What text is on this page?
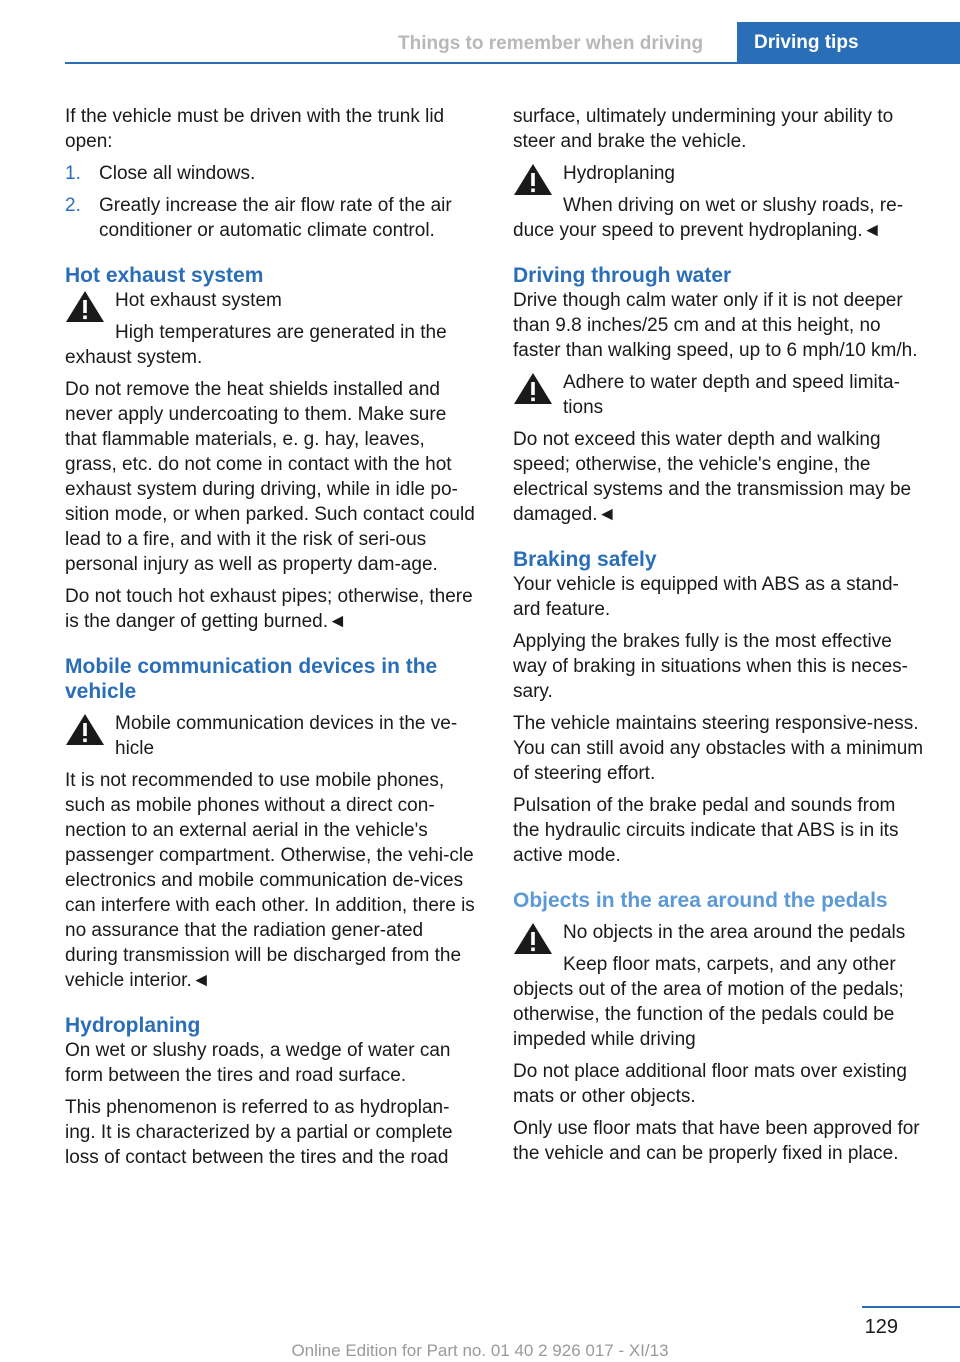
Things to remember when driving	Driving tips

If the vehicle must be driven with the trunk lid open:

1. Close all windows.
2. Greatly increase the air flow rate of the air conditioner or automatic climate control.
Hot exhaust system

Hot exhaust system

High temperatures are generated in the exhaust system.

Do not remove the heat shields installed and never apply undercoating to them. Make sure that flammable materials, e. g. hay, leaves, grass, etc. do not come in contact with the hot exhaust system during driving, while in idle po-sition mode, or when parked. Such contact could lead to a fire, and with it the risk of seri-ous personal injury as well as property dam-age.

Do not touch hot exhaust pipes; otherwise, there is the danger of getting burned.◄

Mobile communication devices in the vehicle

Mobile communication devices in the ve-hicle

It is not recommended to use mobile phones, such as mobile phones without a direct con-nection to an external aerial in the vehicle's passenger compartment. Otherwise, the vehi-cle electronics and mobile communication de-vices can interfere with each other. In addition, there is no assurance that the radiation gener-ated during transmission will be discharged from the vehicle interior.◄

Hydroplaning

On wet or slushy roads, a wedge of water can form between the tires and road surface.

This phenomenon is referred to as hydroplan-ing. It is characterized by a partial or complete loss of contact between the tires and the road

surface, ultimately undermining your ability to steer and brake the vehicle.

Hydroplaning

When driving on wet or slushy roads, re-duce your speed to prevent hydroplaning.◄

Driving through water

Drive though calm water only if it is not deeper than 9.8 inches/25 cm and at this height, no faster than walking speed, up to 6 mph/10 km/h.

Adhere to water depth and speed limita-tions

Do not exceed this water depth and walking speed; otherwise, the vehicle's engine, the electrical systems and the transmission may be damaged.◄

Braking safely

Your vehicle is equipped with ABS as a stand-ard feature.

Applying the brakes fully is the most effective way of braking in situations when this is neces-sary.

The vehicle maintains steering responsive-ness. You can still avoid any obstacles with a minimum of steering effort.

Pulsation of the brake pedal and sounds from the hydraulic circuits indicate that ABS is in its active mode.

Objects in the area around the pedals

No objects in the area around the pedals

Keep floor mats, carpets, and any other objects out of the area of motion of the pedals; otherwise, the function of the pedals could be impeded while driving

Do not place additional floor mats over existing mats or other objects.

Only use floor mats that have been approved for the vehicle and can be properly fixed in place.

129
Online Edition for Part no. 01 40 2 926 017 - XI/13
